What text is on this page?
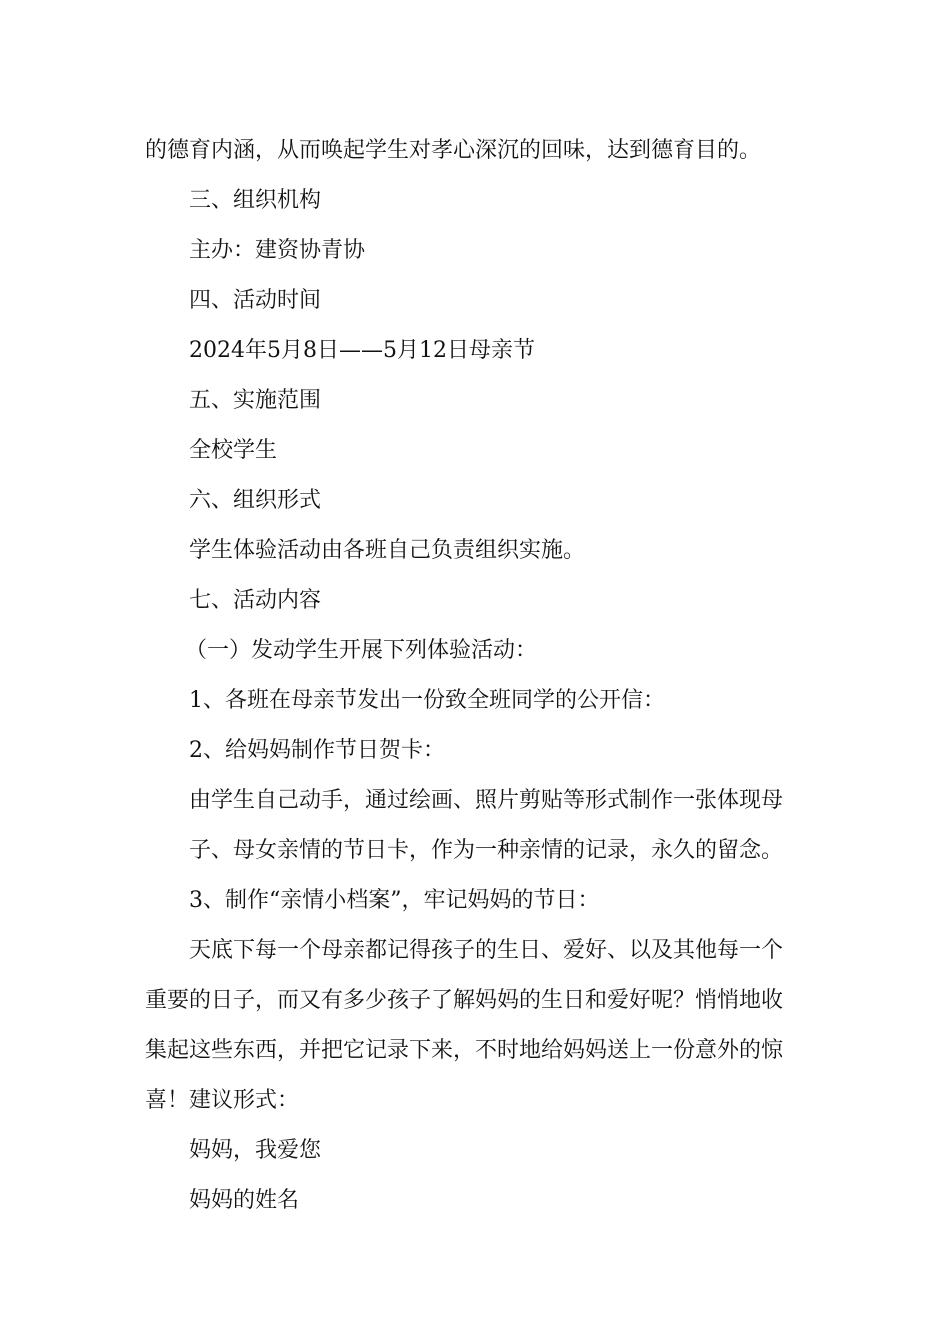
的德育内涵，从而唤起学生对孝心深沉的回味，达到德育目的。
三、组织机构
主办：建资协青协
四、活动时间
2024年5月8日——5月12日母亲节
五、实施范围
全校学生
六、组织形式
学生体验活动由各班自己负责组织实施。
七、活动内容
（一）发动学生开展下列体验活动：
1、各班在母亲节发出一份致全班同学的公开信：
2、给妈妈制作节日贺卡：
由学生自己动手，通过绘画、照片剪贴等形式制作一张体现母
子、母女亲情的节日卡，作为一种亲情的记录，永久的留念。
3、制作“亲情小档案”，牢记妈妈的节日：
天底下每一个母亲都记得孩子的生日、爱好、以及其他每一个
重要的日子，而又有多少孩子了解妈妈的生日和爱好呢？悄悄地收
集起这些东西，并把它记录下来，不时地给妈妈送上一份意外的惊
喜！建议形式：
妈妈，我爱您
妈妈的姓名
